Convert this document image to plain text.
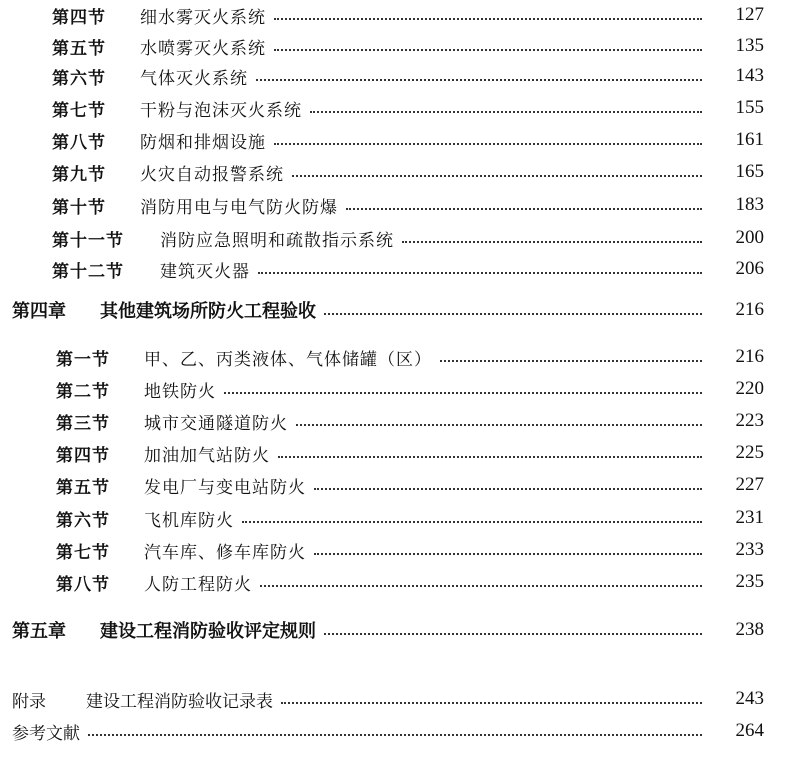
第四节 细水雾灭火系统	127
第五节 水喷雾灭火系统	135
第六节 气体灭火系统	143
第七节 干粉与泡沫灭火系统	155
第八节 防烟和排烟设施	161
第九节 火灾自动报警系统	165
第十节 消防用电与电气防火防爆	183
第十一节 消防应急照明和疏散指示系统	200
第十二节 建筑灭火器	206
第四章 其他建筑场所防火工程验收	216
第一节 甲、乙、丙类液体、气体储罐（区）	216
第二节 地铁防火	220
第三节 城市交通隧道防火	223
第四节 加油加气站防火	225
第五节 发电厂与变电站防火	227
第六节 飞机库防火	231
第七节 汽车库、修车库防火	233
第八节 人防工程防火	235
第五章 建设工程消防验收评定规则	238
附录 建设工程消防验收记录表	243
参考文献	264
